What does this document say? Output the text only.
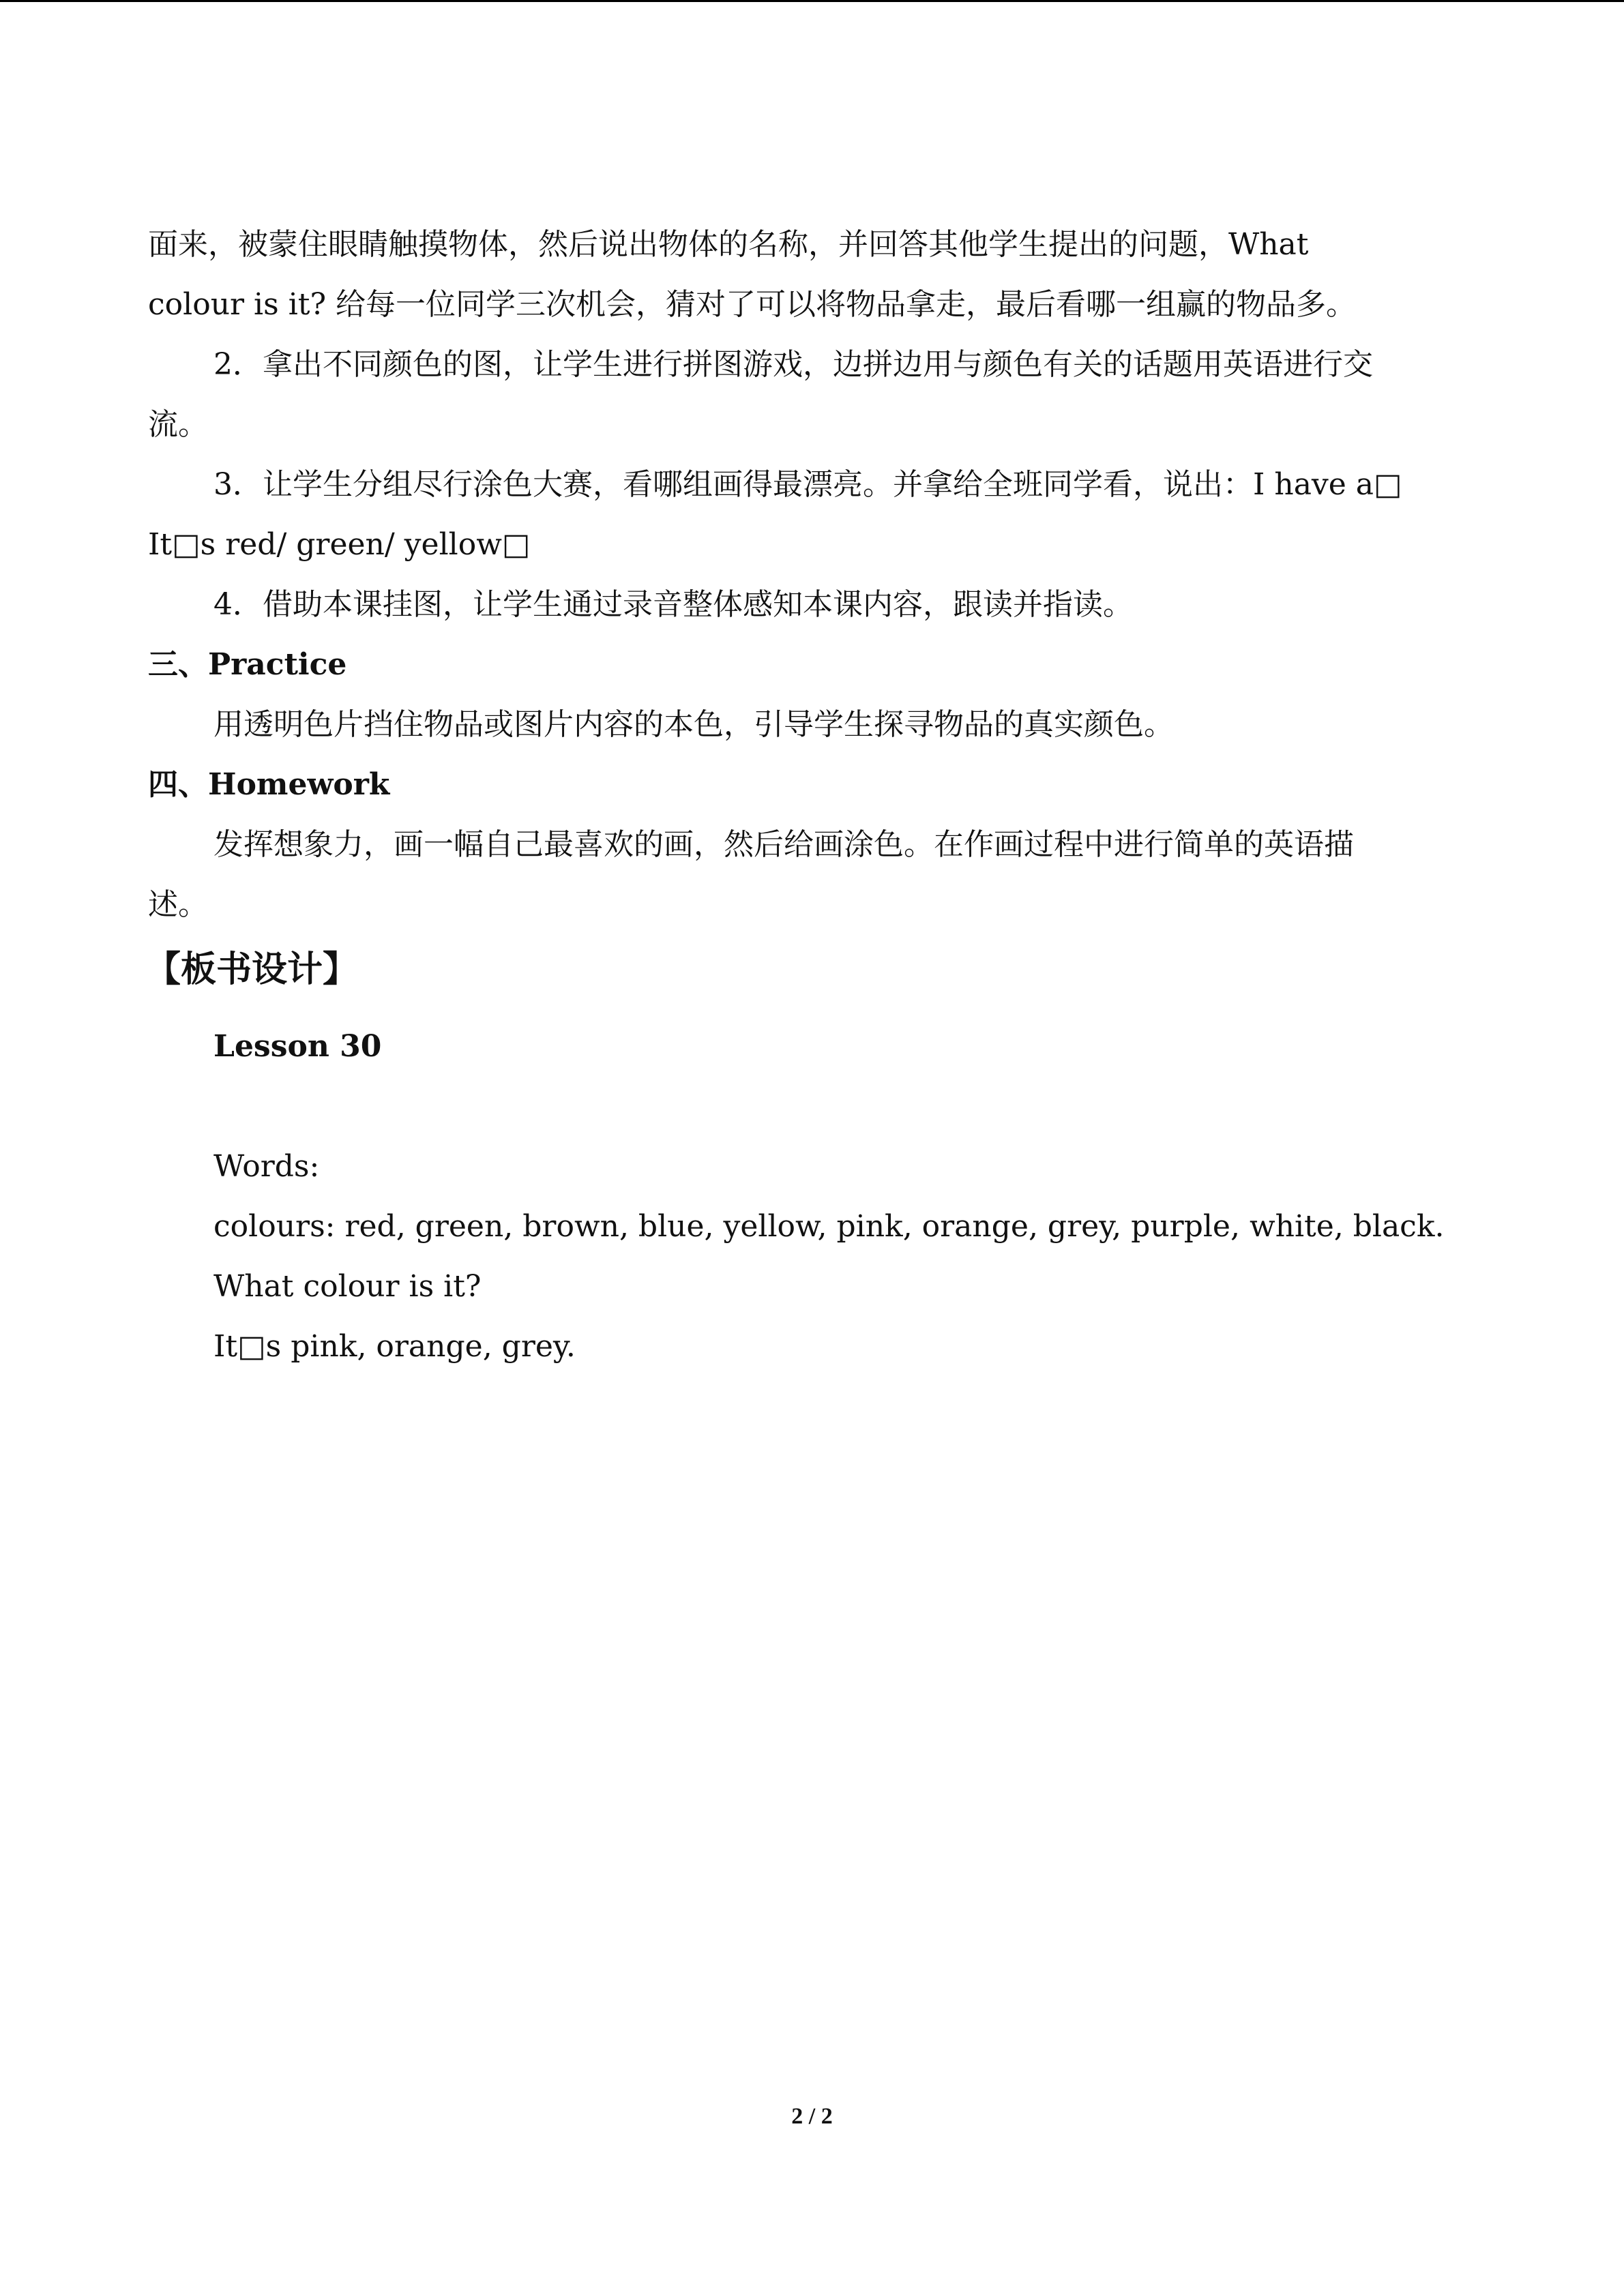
面来，被蒙住眼睛触摸物体，然后说出物体的名称，并回答其他学生提出的问题，What
colour is it? 给每一位同学三次机会，猜对了可以将物品拿走，最后看哪一组赢的物品多。
2．拿出不同颜色的图，让学生进行拼图游戏，边拼边用与颜色有关的话题用英语进行交
流。
3．让学生分组尽行涂色大赛，看哪组画得最漂亮。并拿给全班同学看，说出：I have a□
It□s red/ green/ yellow□
4．借助本课挂图，让学生通过录音整体感知本课内容，跟读并指读。
三、Practice
用透明色片挡住物品或图片内容的本色，引导学生探寻物品的真实颜色。
四、Homework
发挥想象力，画一幅自己最喜欢的画，然后给画涂色。在作画过程中进行简单的英语描
述。
【板书设计】
Lesson 30
Words:
colours: red, green, brown, blue, yellow, pink, orange, grey, purple, white, black.
What colour is it?
It□s pink, orange, grey.
2 / 2
